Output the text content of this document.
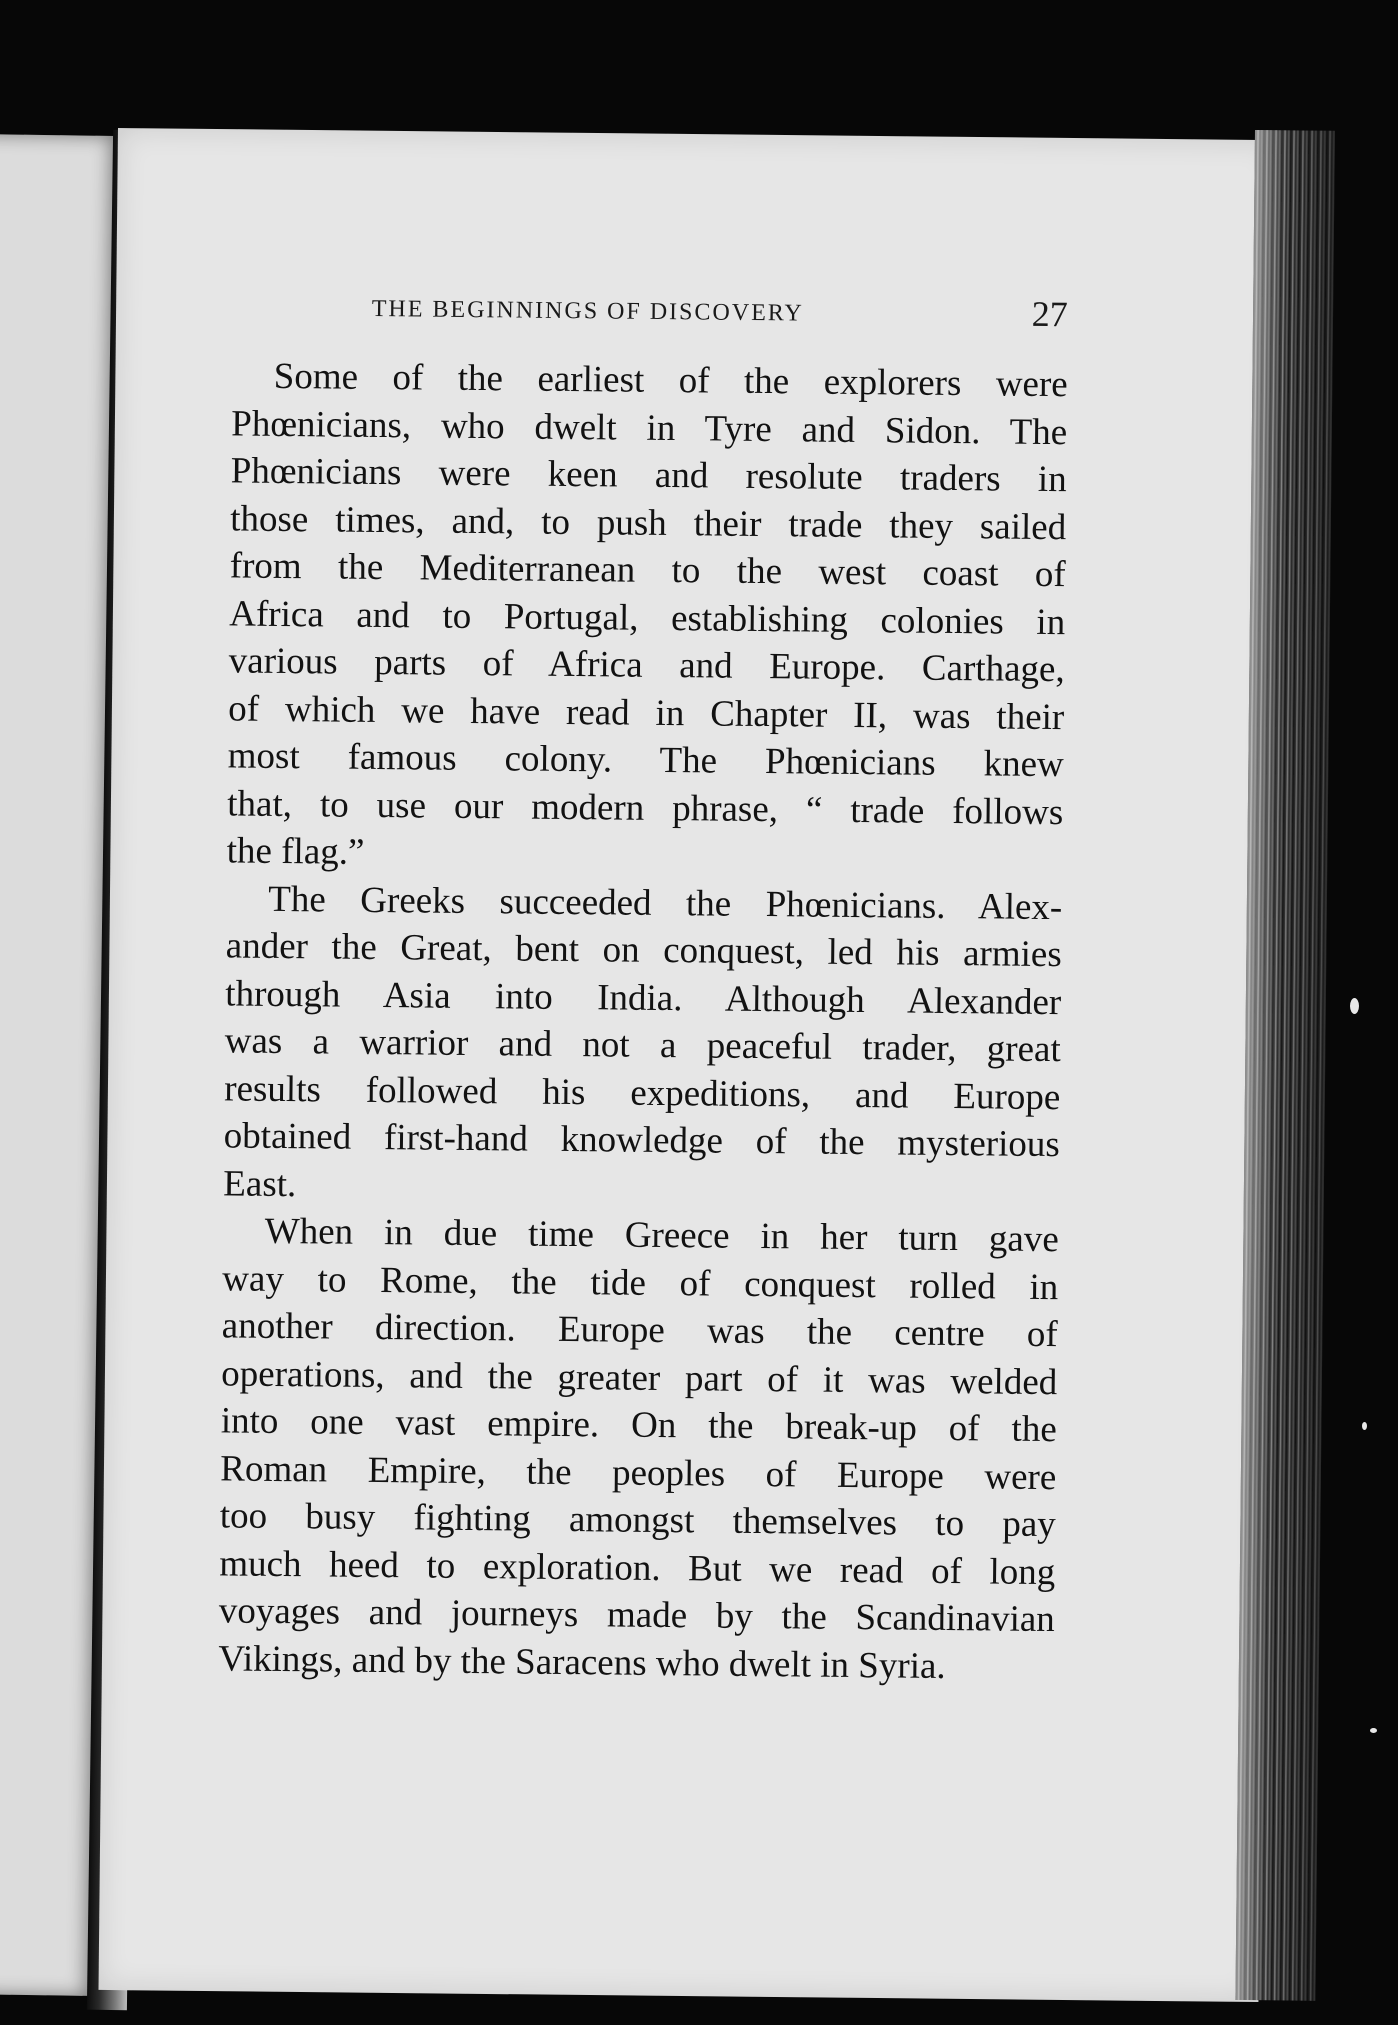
THE BEGINNINGS OF DISCOVERY	27
Some of the earliest of the explorers were
Phœnicians, who dwelt in Tyre and Sidon. The
Phœnicians were keen and resolute traders in
those times, and, to push their trade they sailed
from the Mediterranean to the west coast of
Africa and to Portugal, establishing colonies in
various parts of Africa and Europe. Carthage,
of which we have read in Chapter II, was their
most famous colony. The Phœnicians knew
that, to use our modern phrase, “ trade follows
the flag.”
The Greeks succeeded the Phœnicians. Alex-
ander the Great, bent on conquest, led his armies
through Asia into India. Although Alexander
was a warrior and not a peaceful trader, great
results followed his expeditions, and Europe
obtained first-hand knowledge of the mysterious
East.
When in due time Greece in her turn gave
way to Rome, the tide of conquest rolled in
another direction. Europe was the centre of
operations, and the greater part of it was welded
into one vast empire. On the break-up of the
Roman Empire, the peoples of Europe were
too busy fighting amongst themselves to pay
much heed to exploration. But we read of long
voyages and journeys made by the Scandinavian
Vikings, and by the Saracens who dwelt in Syria.
